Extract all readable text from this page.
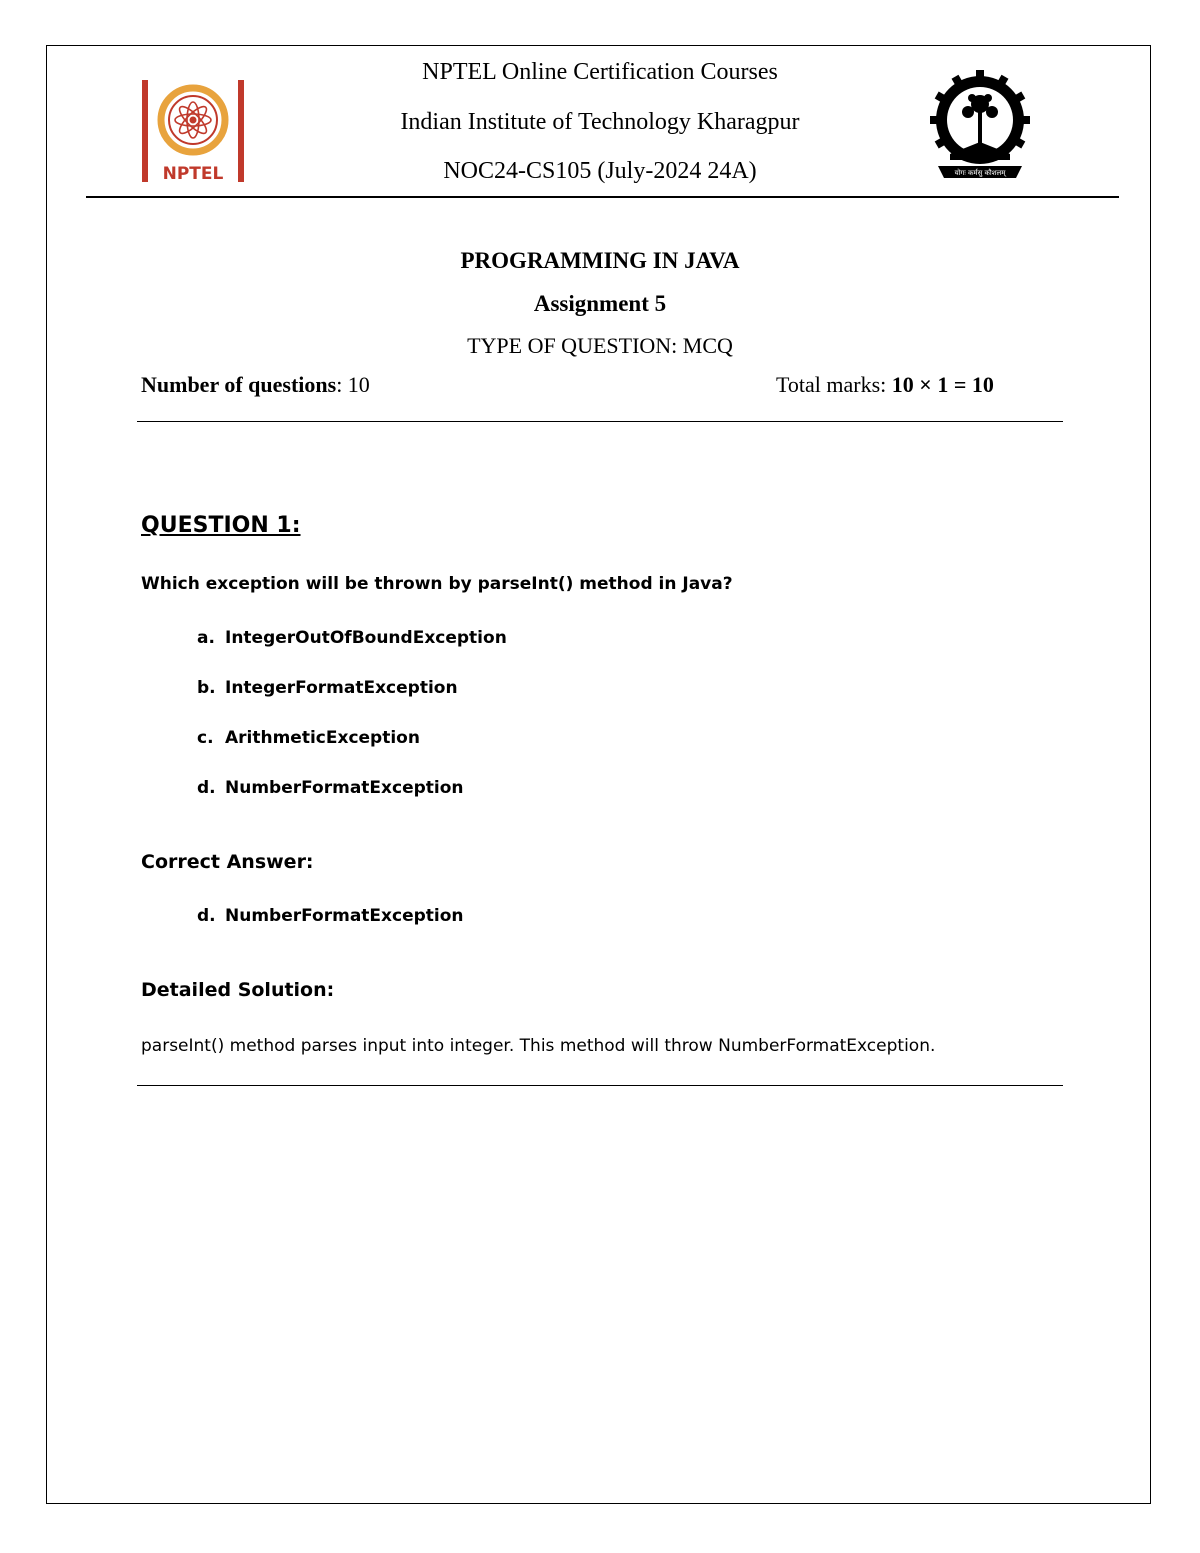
NPTEL	योगः कर्मसु कौशलम्
NPTEL Online Certification Courses
Indian Institute of Technology Kharagpur
NOC24-CS105 (July-2024 24A)
PROGRAMMING IN JAVA
Assignment 5
TYPE OF QUESTION: MCQ
Number of questions: 10	Total marks: 10 × 1 = 10
QUESTION 1:
Which exception will be thrown by parseInt() method in Java?
a. IntegerOutOfBoundException
b. IntegerFormatException
c. ArithmeticException
d. NumberFormatException
Correct Answer:
d. NumberFormatException
Detailed Solution:
parseInt() method parses input into integer. This method will throw NumberFormatException.
